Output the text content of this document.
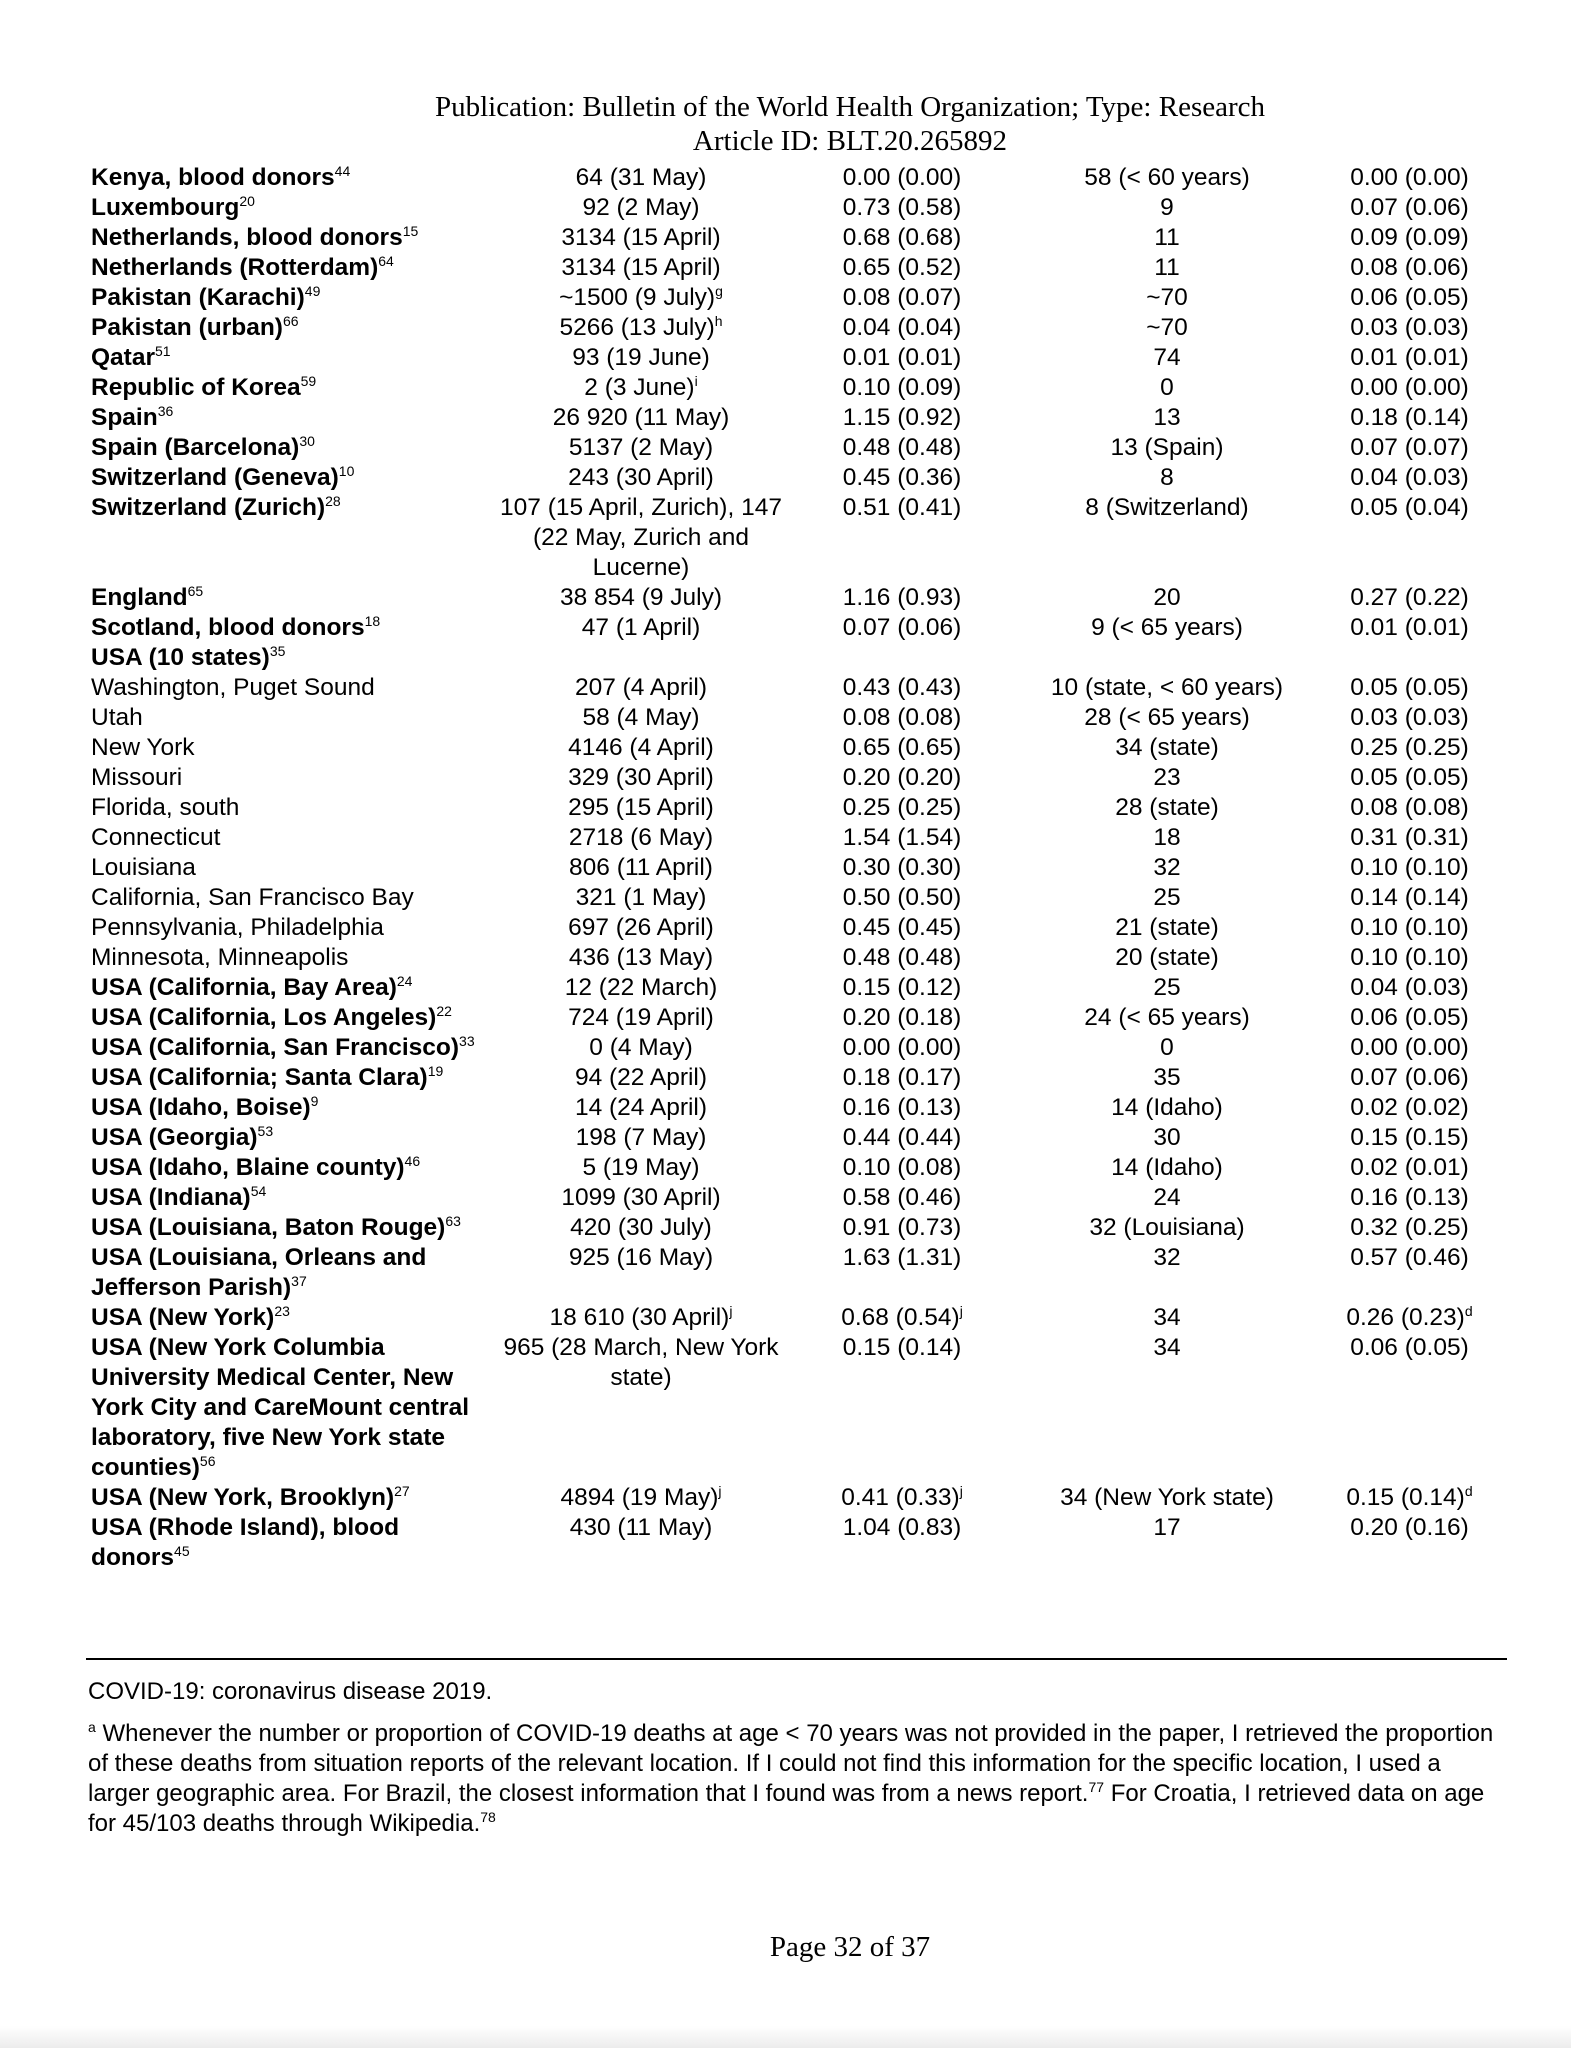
Publication: Bulletin of the World Health Organization; Type: Research
Article ID: BLT.20.265892
Kenya, blood donors$^{44}$	64 (31 May)	0.00 (0.00)	58 (< 60 years)	0.00 (0.00)
Luxembourg$^{20}$	92 (2 May)	0.73 (0.58)	9	0.07 (0.06)
Netherlands, blood donors$^{15}$	3134 (15 April)	0.68 (0.68)	11	0.09 (0.09)
Netherlands (Rotterdam)$^{64}$	3134 (15 April)	0.65 (0.52)	11	0.08 (0.06)
Pakistan (Karachi)$^{49}$	~1500 (9 July)$^g$	0.08 (0.07)	~70	0.06 (0.05)
Pakistan (urban)$^{66}$	5266 (13 July)$^h$	0.04 (0.04)	~70	0.03 (0.03)
Qatar$^{51}$	93 (19 June)	0.01 (0.01)	74	0.01 (0.01)
Republic of Korea$^{59}$	2 (3 June)$^i$	0.10 (0.09)	0	0.00 (0.00)
Spain$^{36}$	26 920 (11 May)	1.15 (0.92)	13	0.18 (0.14)
Spain (Barcelona)$^{30}$	5137 (2 May)	0.48 (0.48)	13 (Spain)	0.07 (0.07)
Switzerland (Geneva)$^{10}$	243 (30 April)	0.45 (0.36)	8	0.04 (0.03)
Switzerland (Zurich)$^{28}$	107 (15 April, Zurich), 147 (22 May, Zurich and Lucerne)	0.51 (0.41)	8 (Switzerland)	0.05 (0.04)
England$^{65}$	38 854 (9 July)	1.16 (0.93)	20	0.27 (0.22)
Scotland, blood donors$^{18}$	47 (1 April)	0.07 (0.06)	9 (< 65 years)	0.01 (0.01)
USA (10 states)$^{35}$				
Washington, Puget Sound	207 (4 April)	0.43 (0.43)	10 (state, < 60 years)	0.05 (0.05)
Utah	58 (4 May)	0.08 (0.08)	28 (< 65 years)	0.03 (0.03)
New York	4146 (4 April)	0.65 (0.65)	34 (state)	0.25 (0.25)
Missouri	329 (30 April)	0.20 (0.20)	23	0.05 (0.05)
Florida, south	295 (15 April)	0.25 (0.25)	28 (state)	0.08 (0.08)
Connecticut	2718 (6 May)	1.54 (1.54)	18	0.31 (0.31)
Louisiana	806 (11 April)	0.30 (0.30)	32	0.10 (0.10)
California, San Francisco Bay	321 (1 May)	0.50 (0.50)	25	0.14 (0.14)
Pennsylvania, Philadelphia	697 (26 April)	0.45 (0.45)	21 (state)	0.10 (0.10)
Minnesota, Minneapolis	436 (13 May)	0.48 (0.48)	20 (state)	0.10 (0.10)
USA (California, Bay Area)$^{24}$	12 (22 March)	0.15 (0.12)	25	0.04 (0.03)
USA (California, Los Angeles)$^{22}$	724 (19 April)	0.20 (0.18)	24 (< 65 years)	0.06 (0.05)
USA (California, San Francisco)$^{33}$	0 (4 May)	0.00 (0.00)	0	0.00 (0.00)
USA (California; Santa Clara)$^{19}$	94 (22 April)	0.18 (0.17)	35	0.07 (0.06)
USA (Idaho, Boise)$^9$	14 (24 April)	0.16 (0.13)	14 (Idaho)	0.02 (0.02)
USA (Georgia)$^{53}$	198 (7 May)	0.44 (0.44)	30	0.15 (0.15)
USA (Idaho, Blaine county)$^{46}$	5 (19 May)	0.10 (0.08)	14 (Idaho)	0.02 (0.01)
USA (Indiana)$^{54}$	1099 (30 April)	0.58 (0.46)	24	0.16 (0.13)
USA (Louisiana, Baton Rouge)$^{63}$	420 (30 July)	0.91 (0.73)	32 (Louisiana)	0.32 (0.25)
USA (Louisiana, Orleans and Jefferson Parish)$^{37}$	925 (16 May)	1.63 (1.31)	32	0.57 (0.46)
USA (New York)$^{23}$	18 610 (30 April)$^j$	0.68 $(0.54)^j$	34	0.26 $(0.23)^d$
USA (New York Columbia University Medical Center, New York City and CareMount central laboratory, five New York state counties)$^{56}$	965 (28 March, New York state)	0.15 (0.14)	34	0.06 (0.05)
USA (New York, Brooklyn)$^{27}$	4894 (19 May)$^j$	0.41 $(0.33)^j$	34 (New York state)	0.15 $(0.14)^d$
USA (Rhode Island), blood donors$^{45}$	430 (11 May)	1.04 (0.83)	17	0.20 (0.16)

COVID-19: coronavirus disease 2019.

$^a$ Whenever the number or proportion of COVID-19 deaths at age < 70 years was not provided in the paper, I retrieved the proportion of these deaths from situation reports of the relevant location. If I could not find this information for the specific location, I used a larger geographic area. For Brazil, the closest information that I found was from a news report.$^{77}$ For Croatia, I retrieved data on age for 45/103 deaths through Wikipedia.$^{78}$

Page 32 of 37
